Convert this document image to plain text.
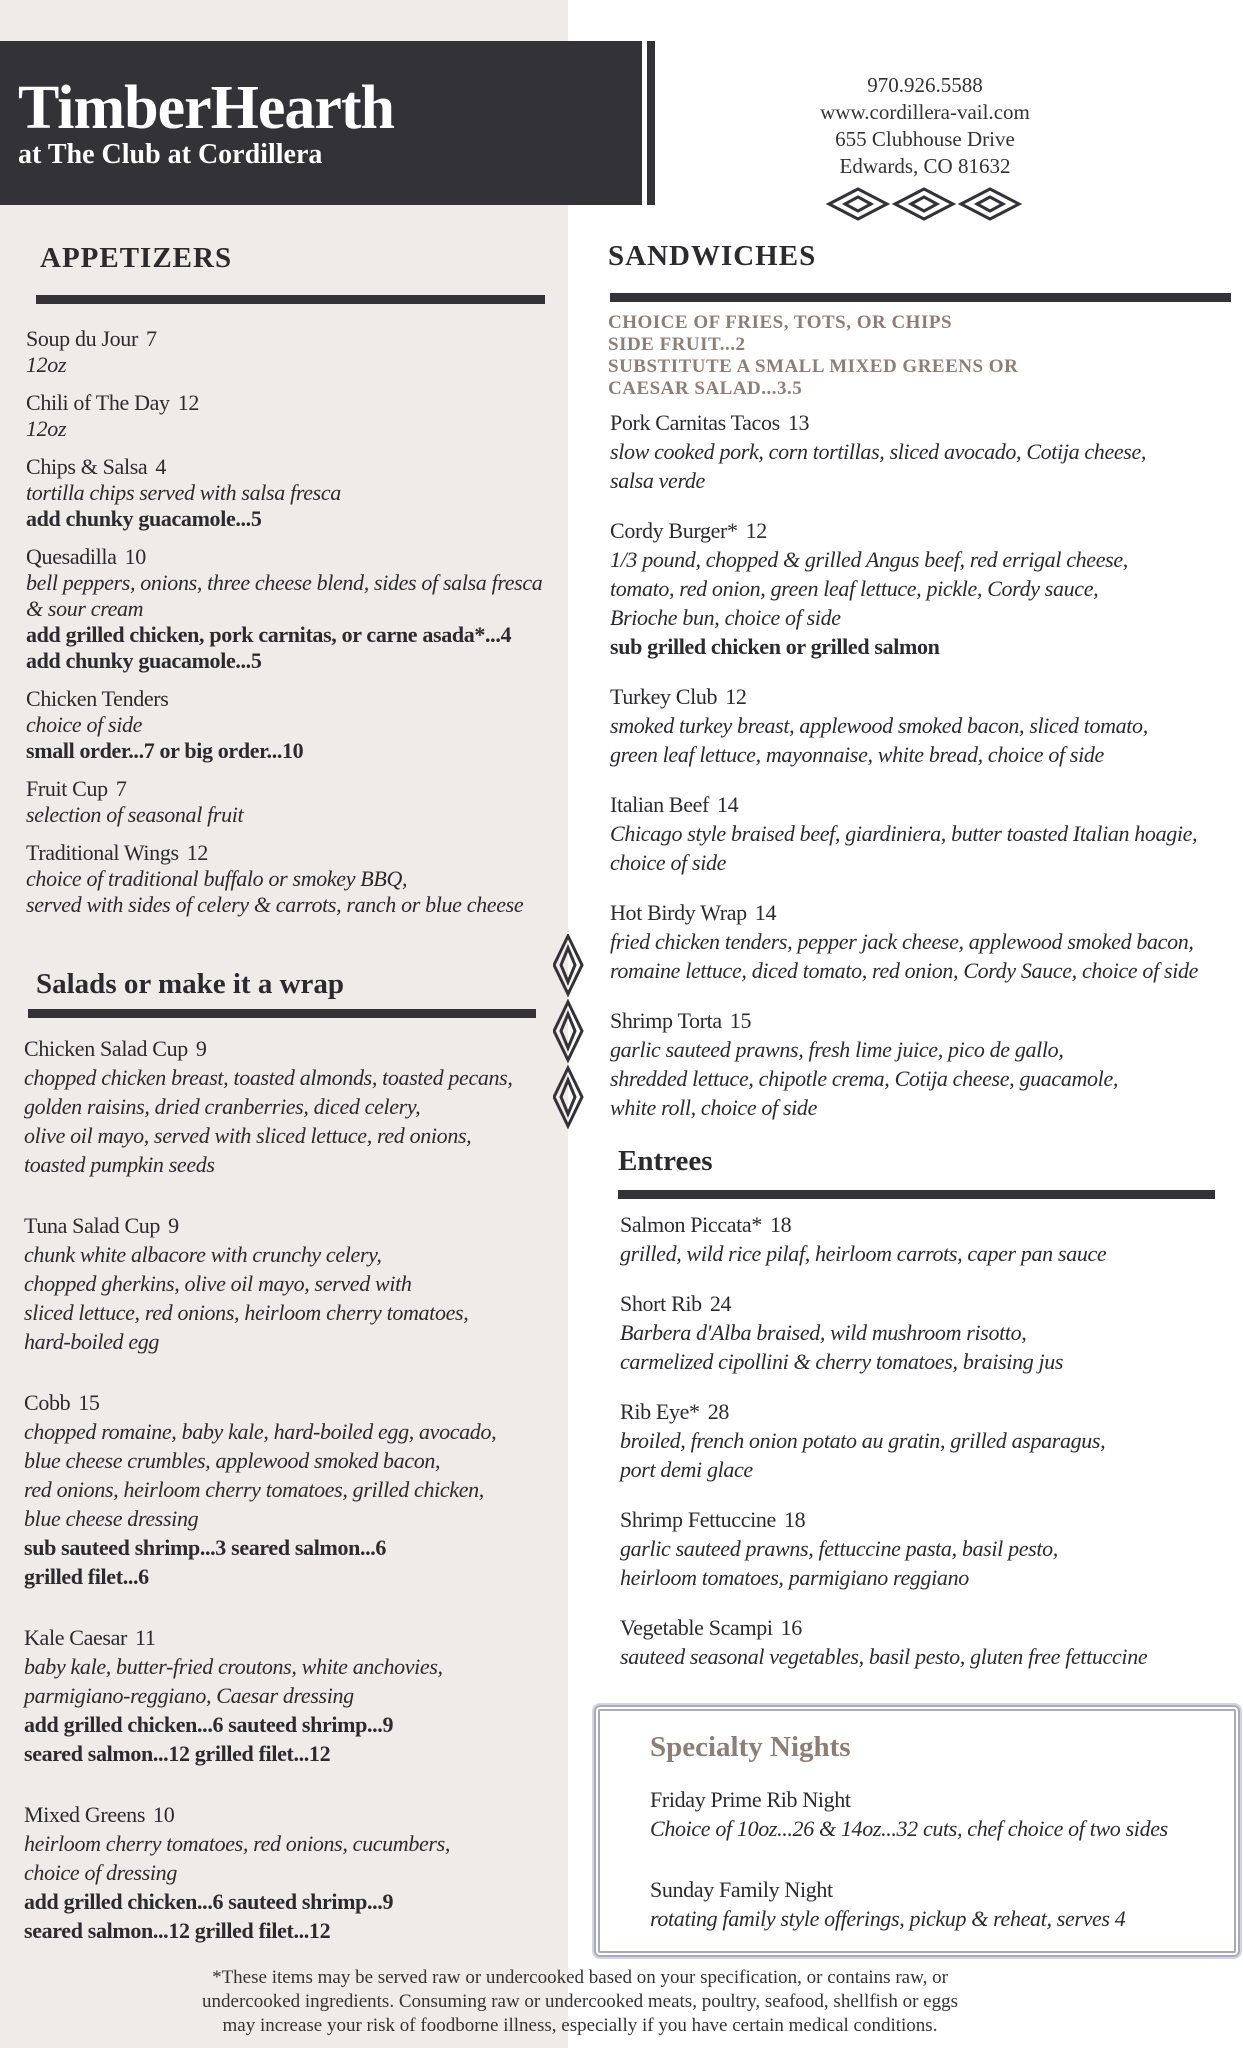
TimberHearth
at The Club at Cordillera
970.926.5588
www.cordillera-vail.com
655 Clubhouse Drive
Edwards, CO 81632
APPETIZERS
Soup du Jour 7
12oz
Chili of The Day 12
12oz
Chips & Salsa 4
tortilla chips served with salsa fresca
add chunky guacamole...5
Quesadilla 10
bell peppers, onions, three cheese blend, sides of salsa fresca
& sour cream
add grilled chicken, pork carnitas, or carne asada*...4
add chunky guacamole...5
Chicken Tenders
choice of side
small order...7 or big order...10
Fruit Cup 7
selection of seasonal fruit
Traditional Wings 12
choice of traditional buffalo or smokey BBQ,
served with sides of celery & carrots, ranch or blue cheese
Salads or make it a wrap
Chicken Salad Cup 9
chopped chicken breast, toasted almonds, toasted pecans,
golden raisins, dried cranberries, diced celery,
olive oil mayo, served with sliced lettuce, red onions,
toasted pumpkin seeds
Tuna Salad Cup 9
chunk white albacore with crunchy celery,
chopped gherkins, olive oil mayo, served with
sliced lettuce, red onions, heirloom cherry tomatoes,
hard-boiled egg
Cobb 15
chopped romaine, baby kale, hard-boiled egg, avocado,
blue cheese crumbles, applewood smoked bacon,
red onions, heirloom cherry tomatoes, grilled chicken,
blue cheese dressing
sub sauteed shrimp...3 seared salmon...6
grilled filet...6
Kale Caesar 11
baby kale, butter-fried croutons, white anchovies,
parmigiano-reggiano, Caesar dressing
add grilled chicken...6 sauteed shrimp...9
seared salmon...12 grilled filet...12
Mixed Greens 10
heirloom cherry tomatoes, red onions, cucumbers,
choice of dressing
add grilled chicken...6 sauteed shrimp...9
seared salmon...12 grilled filet...12
SANDWICHES
CHOICE OF FRIES, TOTS, OR CHIPS
SIDE FRUIT...2
SUBSTITUTE A SMALL MIXED GREENS OR
CAESAR SALAD...3.5
Pork Carnitas Tacos 13
slow cooked pork, corn tortillas, sliced avocado, Cotija cheese,
salsa verde
Cordy Burger* 12
1/3 pound, chopped & grilled Angus beef, red errigal cheese,
tomato, red onion, green leaf lettuce, pickle, Cordy sauce,
Brioche bun, choice of side
sub grilled chicken or grilled salmon
Turkey Club 12
smoked turkey breast, applewood smoked bacon, sliced tomato,
green leaf lettuce, mayonnaise, white bread, choice of side
Italian Beef 14
Chicago style braised beef, giardiniera, butter toasted Italian hoagie,
choice of side
Hot Birdy Wrap 14
fried chicken tenders, pepper jack cheese, applewood smoked bacon,
romaine lettuce, diced tomato, red onion, Cordy Sauce, choice of side
Shrimp Torta 15
garlic sauteed prawns, fresh lime juice, pico de gallo,
shredded lettuce, chipotle crema, Cotija cheese, guacamole,
white roll, choice of side
Entrees
Salmon Piccata* 18
grilled, wild rice pilaf, heirloom carrots, caper pan sauce
Short Rib 24
Barbera d'Alba braised, wild mushroom risotto,
carmelized cipollini & cherry tomatoes, braising jus
Rib Eye* 28
broiled, french onion potato au gratin, grilled asparagus,
port demi glace
Shrimp Fettuccine 18
garlic sauteed prawns, fettuccine pasta, basil pesto,
heirloom tomatoes, parmigiano reggiano
Vegetable Scampi 16
sauteed seasonal vegetables, basil pesto, gluten free fettuccine
Specialty Nights
Friday Prime Rib Night
Choice of 10oz...26 & 14oz...32 cuts, chef choice of two sides
Sunday Family Night
rotating family style offerings, pickup & reheat, serves 4
*These items may be served raw or undercooked based on your specification, or contains raw, or
undercooked ingredients. Consuming raw or undercooked meats, poultry, seafood, shellfish or eggs
may increase your risk of foodborne illness, especially if you have certain medical conditions.
